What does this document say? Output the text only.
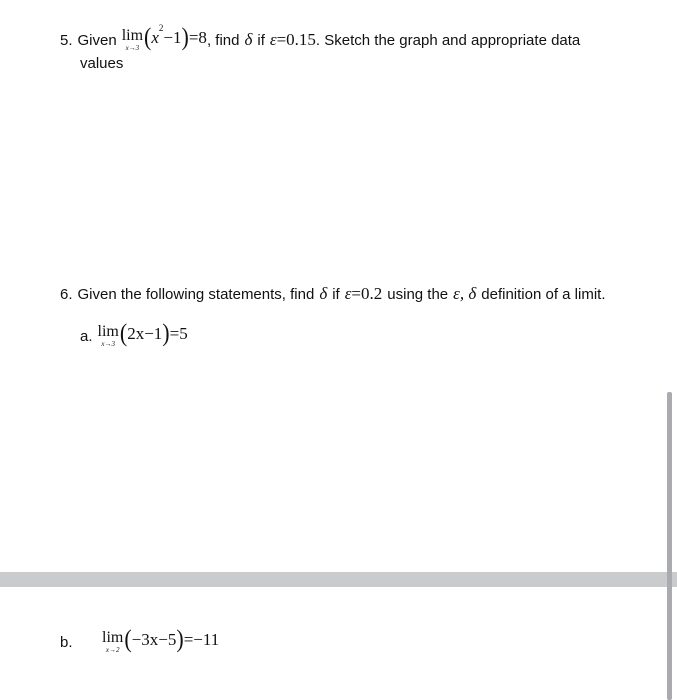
5. Given lim
x→3 ( x 2 −1 ) =8 , find δ if ε =0.15 . Sketch the graph and appropriate data
values
6. Given the following statements, find δ if ε =0.2 using the ε, δ definition of a limit.
a. lim
x→3 ( 2x−1 ) =5
b.	lim
x→2 ( −3x−5 ) =−11
